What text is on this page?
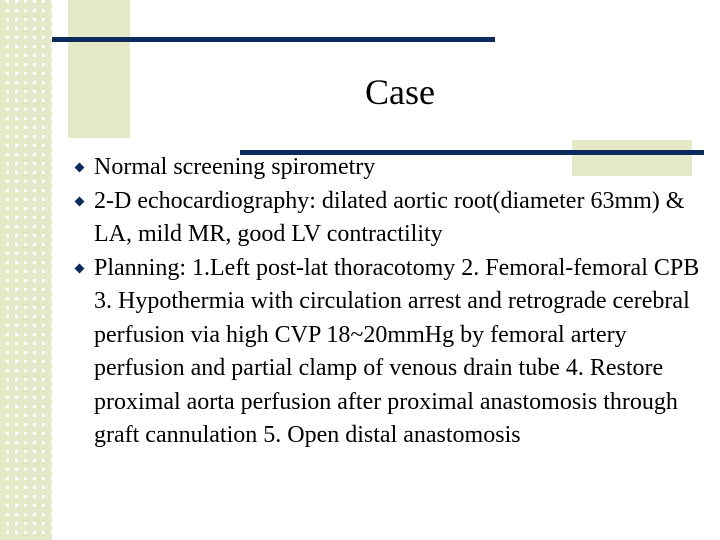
Case
Normal screening spirometry
2-D echocardiography: dilated aortic root(diameter 63mm) & LA, mild MR, good LV contractility
Planning: 1.Left post-lat thoracotomy 2. Femoral-femoral CPB 3. Hypothermia with circulation arrest and retrograde cerebral perfusion via high CVP 18~20mmHg by femoral artery perfusion and partial clamp of venous drain tube 4. Restore proximal aorta perfusion after proximal anastomosis through graft cannulation 5. Open distal anastomosis
